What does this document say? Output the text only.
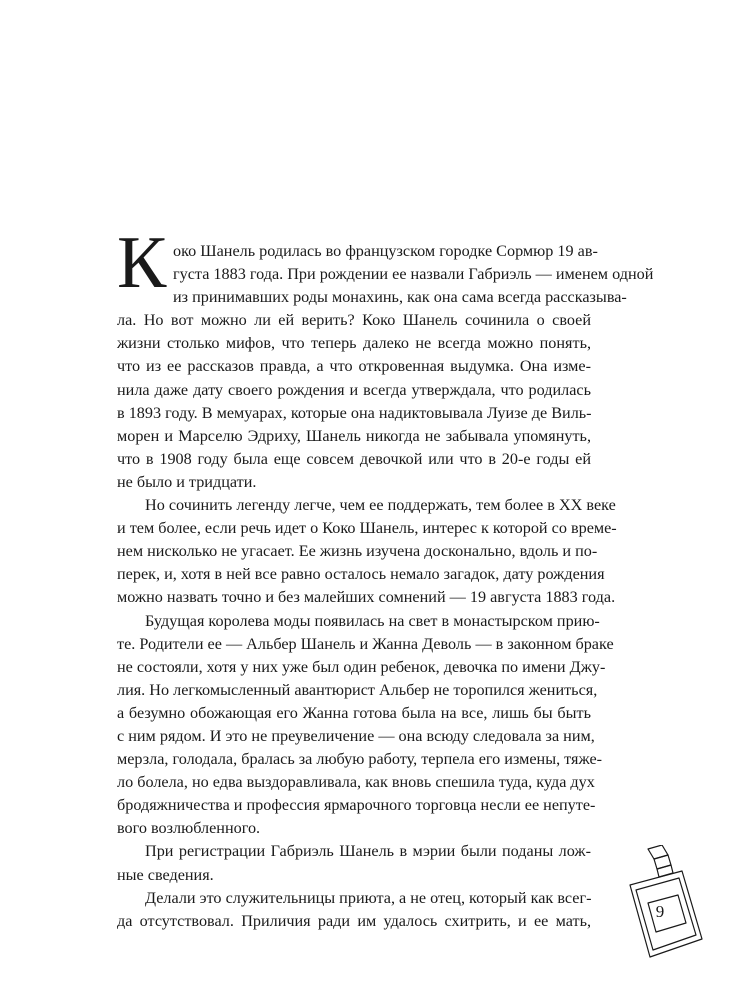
К око Шанель родилась во французском городке Сормюр 19 ав-
густа 1883 года. При рождении ее назвали Габриэль — именем одной
из принимавших роды монахинь, как она сама всегда рассказыва-
ла. Но вот можно ли ей верить? Коко Шанель сочинила о своей
жизни столько мифов, что теперь далеко не всегда можно понять,
что из ее рассказов правда, а что откровенная выдумка. Она изме-
нила даже дату своего рождения и всегда утверждала, что родилась
в 1893 году. В мемуарах, которые она надиктовывала Луизе де Виль-
морен и Марселю Эдриху, Шанель никогда не забывала упомянуть,
что в 1908 году была еще совсем девочкой или что в 20-е годы ей
не было и тридцати.
Но сочинить легенду легче, чем ее поддержать, тем более в XX веке
и тем более, если речь идет о Коко Шанель, интерес к которой со време-
нем нисколько не угасает. Ее жизнь изучена досконально, вдоль и по-
перек, и, хотя в ней все равно осталось немало загадок, дату рождения
можно назвать точно и без малейших сомнений — 19 августа 1883 года.
Будущая королева моды появилась на свет в монастырском прию-
те. Родители ее — Альбер Шанель и Жанна Деволь — в законном браке
не состояли, хотя у них уже был один ребенок, девочка по имени Джу-
лия. Но легкомысленный авантюрист Альбер не торопился жениться,
а безумно обожающая его Жанна готова была на все, лишь бы быть
с ним рядом. И это не преувеличение — она всюду следовала за ним,
мерзла, голодала, бралась за любую работу, терпела его измены, тяже-
ло болела, но едва выздоравливала, как вновь спешила туда, куда дух
бродяжничества и профессия ярмарочного торговца несли ее непуте-
вого возлюбленного.
При регистрации Габриэль Шанель в мэрии были поданы лож-
ные сведения.
Делали это служительницы приюта, а не отец, который как всег-
да отсутствовал. Приличия ради им удалось схитрить, и ее мать,	9
